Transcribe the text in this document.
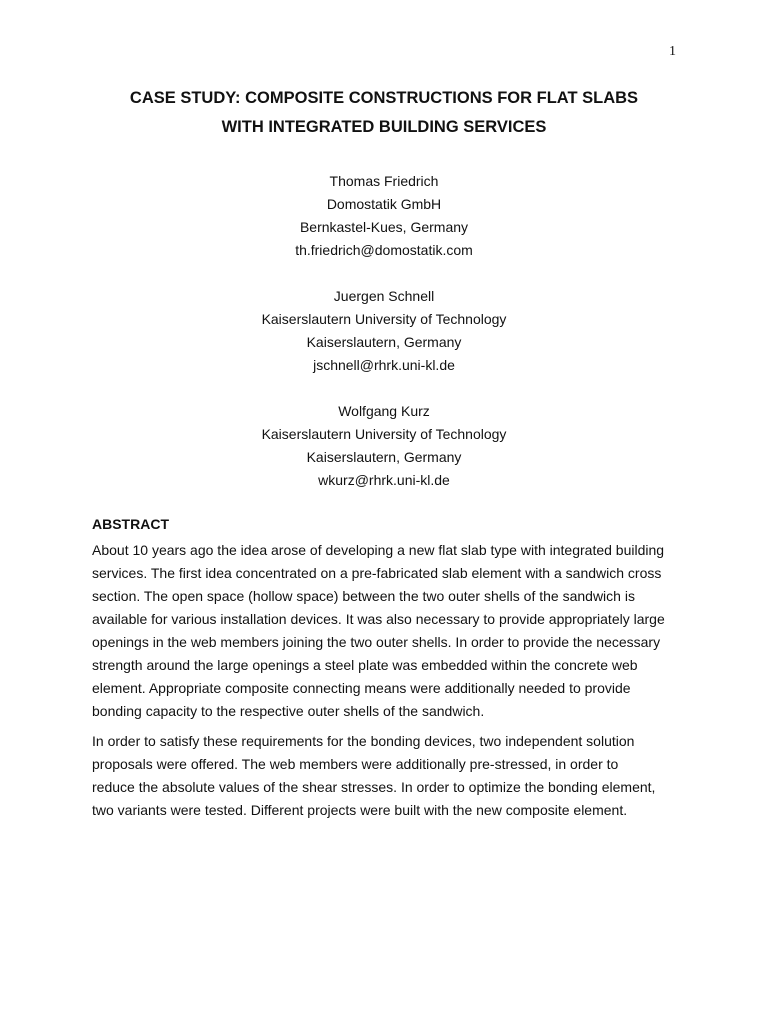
1
CASE STUDY: COMPOSITE CONSTRUCTIONS FOR FLAT SLABS
WITH INTEGRATED BUILDING SERVICES
Thomas Friedrich
Domostatik GmbH
Bernkastel-Kues, Germany
th.friedrich@domostatik.com
Juergen Schnell
Kaiserslautern University of Technology
Kaiserslautern, Germany
jschnell@rhrk.uni-kl.de
Wolfgang Kurz
Kaiserslautern University of Technology
Kaiserslautern, Germany
wkurz@rhrk.uni-kl.de
ABSTRACT
About 10 years ago the idea arose of developing a new flat slab type with integrated building
services. The first idea concentrated on a pre-fabricated slab element with a sandwich cross
section. The open space (hollow space) between the two outer shells of the sandwich is
available for various installation devices. It was also necessary to provide appropriately large
openings in the web members joining the two outer shells. In order to provide the necessary
strength around the large openings a steel plate was embedded within the concrete web
element. Appropriate composite connecting means were additionally needed to provide
bonding capacity to the respective outer shells of the sandwich.
In order to satisfy these requirements for the bonding devices, two independent solution
proposals were offered. The web members were additionally pre-stressed, in order to
reduce the absolute values of the shear stresses. In order to optimize the bonding element,
two variants were tested. Different projects were built with the new composite element.
